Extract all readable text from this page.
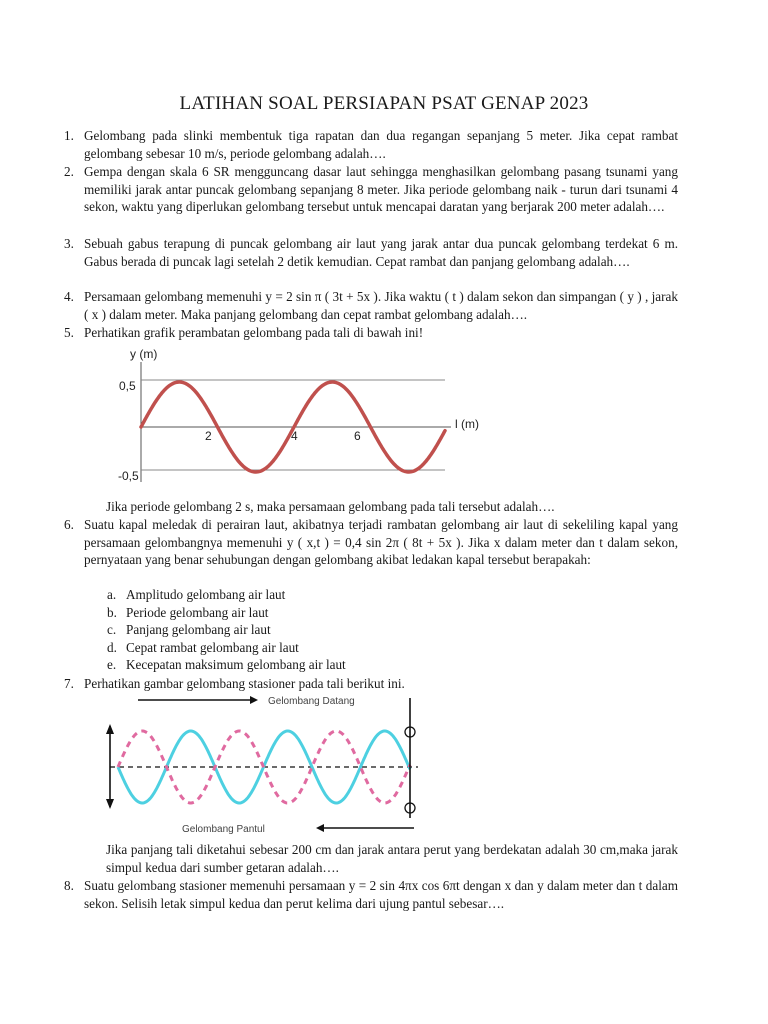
LATIHAN SOAL PERSIAPAN PSAT GENAP 2023
1. Gelombang pada slinki membentuk tiga rapatan dan dua regangan sepanjang 5 meter. Jika cepat rambat gelombang sebesar 10 m/s, periode gelombang adalah….
2. Gempa dengan skala 6 SR mengguncang dasar laut sehingga menghasilkan gelombang pasang tsunami yang memiliki jarak antar puncak gelombang sepanjang 8 meter. Jika periode gelombang naik - turun dari tsunami 4 sekon, waktu yang diperlukan gelombang tersebut untuk mencapai daratan yang berjarak 200 meter adalah….
3. Sebuah gabus terapung di puncak gelombang air laut yang jarak antar dua puncak gelombang terdekat 6 m. Gabus berada di puncak lagi setelah 2 detik kemudian. Cepat rambat dan panjang gelombang adalah….
4. Persamaan gelombang memenuhi y = 2 sin π ( 3t + 5x ). Jika waktu ( t ) dalam sekon dan simpangan ( y ) , jarak ( x ) dalam meter. Maka panjang gelombang dan cepat rambat gelombang adalah….
5. Perhatikan grafik perambatan gelombang pada tali di bawah ini!
y (m)
0,5
-0,5
2	4	6
l (m)
Jika periode gelombang 2 s, maka persamaan gelombang pada tali tersebut adalah….
6. Suatu kapal meledak di perairan laut, akibatnya terjadi rambatan gelombang air laut di sekeliling kapal yang persamaan gelombangnya memenuhi y ( x,t ) = 0,4 sin 2π ( 8t + 5x ). Jika x dalam meter dan t dalam sekon, pernyataan yang benar sehubungan dengan gelombang akibat ledakan kapal tersebut berapakah:
a. Amplitudo gelombang air laut
b. Periode gelombang air laut
c. Panjang gelombang air laut
d. Cepat rambat gelombang air laut
e. Kecepatan maksimum gelombang air laut
7. Perhatikan gambar gelombang stasioner pada tali berikut ini.
Gelombang Datang
Gelombang Pantul
Jika panjang tali diketahui sebesar 200 cm dan jarak antara perut yang berdekatan adalah 30 cm,maka jarak simpul kedua dari sumber getaran adalah….
8. Suatu gelombang stasioner memenuhi persamaan y = 2 sin 4πx cos 6πt dengan x dan y dalam meter dan t dalam sekon. Selisih letak simpul kedua dan perut kelima dari ujung pantul sebesar….
